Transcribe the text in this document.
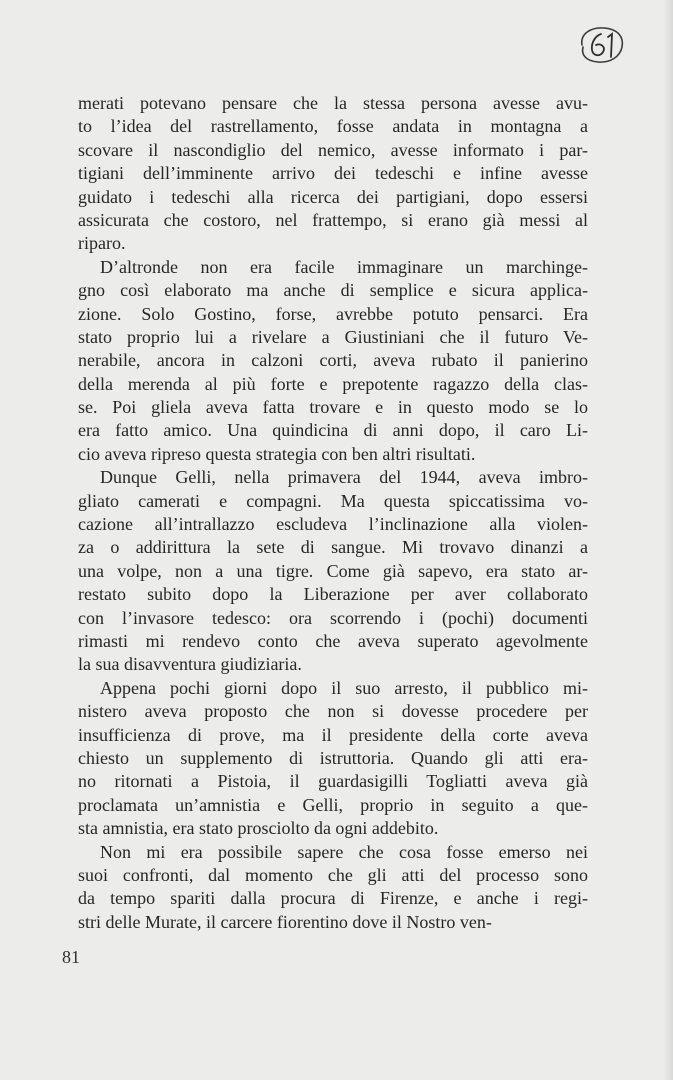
merati potevano pensare che la stessa persona avesse avu-
to l’idea del rastrellamento, fosse andata in montagna a
scovare il nascondiglio del nemico, avesse informato i par-
tigiani dell’imminente arrivo dei tedeschi e infine avesse
guidato i tedeschi alla ricerca dei partigiani, dopo essersi
assicurata che costoro, nel frattempo, si erano già messi al
riparo.
D’altronde non era facile immaginare un marchinge-
gno così elaborato ma anche di semplice e sicura applica-
zione. Solo Gostino, forse, avrebbe potuto pensarci. Era
stato proprio lui a rivelare a Giustiniani che il futuro Ve-
nerabile, ancora in calzoni corti, aveva rubato il panierino
della merenda al più forte e prepotente ragazzo della clas-
se. Poi gliela aveva fatta trovare e in questo modo se lo
era fatto amico. Una quindicina di anni dopo, il caro Li-
cio aveva ripreso questa strategia con ben altri risultati.
Dunque Gelli, nella primavera del 1944, aveva imbro-
gliato camerati e compagni. Ma questa spiccatissima vo-
cazione all’intrallazzo escludeva l’inclinazione alla violen-
za o addirittura la sete di sangue. Mi trovavo dinanzi a
una volpe, non a una tigre. Come già sapevo, era stato ar-
restato subito dopo la Liberazione per aver collaborato
con l’invasore tedesco: ora scorrendo i (pochi) documenti
rimasti mi rendevo conto che aveva superato agevolmente
la sua disavventura giudiziaria.
Appena pochi giorni dopo il suo arresto, il pubblico mi-
nistero aveva proposto che non si dovesse procedere per
insufficienza di prove, ma il presidente della corte aveva
chiesto un supplemento di istruttoria. Quando gli atti era-
no ritornati a Pistoia, il guardasigilli Togliatti aveva già
proclamata un’amnistia e Gelli, proprio in seguito a que-
sta amnistia, era stato prosciolto da ogni addebito.
Non mi era possibile sapere che cosa fosse emerso nei
suoi confronti, dal momento che gli atti del processo sono
da tempo spariti dalla procura di Firenze, e anche i regi-
stri delle Murate, il carcere fiorentino dove il Nostro ven-
81
